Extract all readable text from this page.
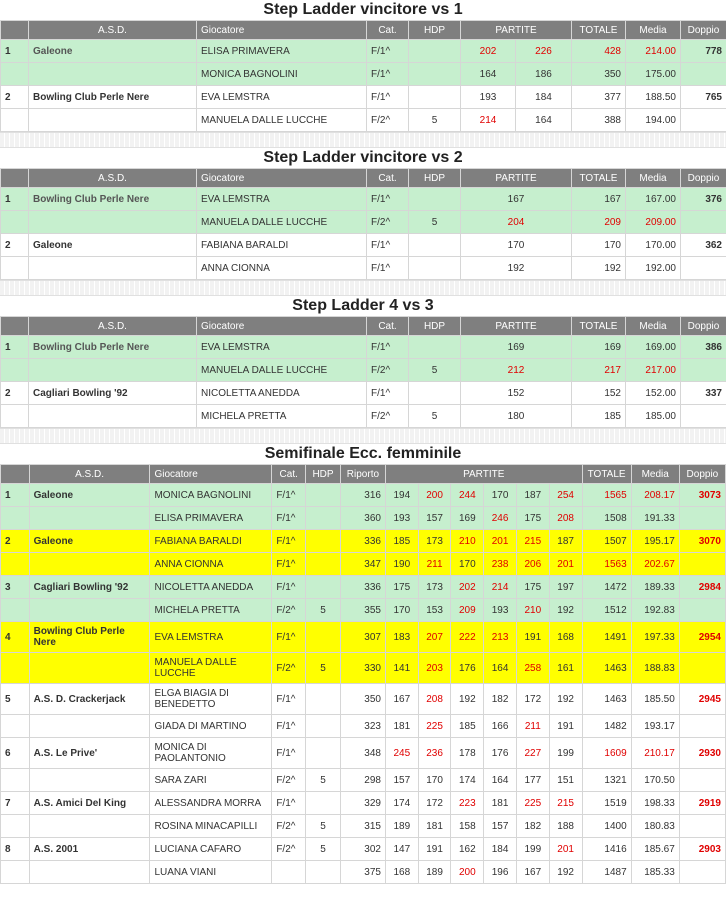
Step Ladder vincitore vs 1
	A.S.D.	Giocatore	Cat.	HDP	PARTITE		TOTALE	Media	Doppio
1	Galeone	ELISA PRIMAVERA	F/1^		202	226	428	214.00	778
		MONICA BAGNOLINI	F/1^		164	186	350	175.00	
2	Bowling Club Perle Nere	EVA LEMSTRA	F/1^		193	184	377	188.50	765
		MANUELA DALLE LUCCHE	F/2^	5	214	164	388	194.00	
Step Ladder vincitore vs 2
	A.S.D.	Giocatore	Cat.	HDP	PARTITE	TOTALE	Media	Doppio
1	Bowling Club Perle Nere	EVA LEMSTRA	F/1^		167	167	167.00	376
		MANUELA DALLE LUCCHE	F/2^	5	204	209	209.00	
2	Galeone	FABIANA BARALDI	F/1^		170	170	170.00	362
		ANNA CIONNA	F/1^		192	192	192.00	
Step Ladder 4 vs 3
	A.S.D.	Giocatore	Cat.	HDP	PARTITE	TOTALE	Media	Doppio
1	Bowling Club Perle Nere	EVA LEMSTRA	F/1^		169	169	169.00	386
		MANUELA DALLE LUCCHE	F/2^	5	212	217	217.00	
2	Cagliari Bowling '92	NICOLETTA ANEDDA	F/1^		152	152	152.00	337
		MICHELA PRETTA	F/2^	5	180	185	185.00	
Semifinale Ecc. femminile
	A.S.D.	Giocatore	Cat.	HDP	Riporto	PARTITE						TOTALE	Media	Doppio
1	Galeone	MONICA BAGNOLINI	F/1^		316	194	200	244	170	187	254	1565	208.17	3073
		ELISA PRIMAVERA	F/1^		360	193	157	169	246	175	208	1508	191.33	
2	Galeone	FABIANA BARALDI	F/1^		336	185	173	210	201	215	187	1507	195.17	3070
		ANNA CIONNA	F/1^		347	190	211	170	238	206	201	1563	202.67	
3	Cagliari Bowling '92	NICOLETTA ANEDDA	F/1^		336	175	173	202	214	175	197	1472	189.33	2984
		MICHELA PRETTA	F/2^	5	355	170	153	209	193	210	192	1512	192.83	
4	Bowling Club Perle Nere	EVA LEMSTRA	F/1^		307	183	207	222	213	191	168	1491	197.33	2954
		MANUELA DALLE LUCCHE	F/2^	5	330	141	203	176	164	258	161	1463	188.83	
5	A.S. D. Crackerjack	ELGA BIAGIA DI BENEDETTO	F/1^		350	167	208	192	182	172	192	1463	185.50	2945
		GIADA DI MARTINO	F/1^		323	181	225	185	166	211	191	1482	193.17	
6	A.S. Le Prive'	MONICA DI PAOLANTONIO	F/1^		348	245	236	178	176	227	199	1609	210.17	2930
		SARA ZARI	F/2^	5	298	157	170	174	164	177	151	1321	170.50	
7	A.S. Amici Del King	ALESSANDRA MORRA	F/1^		329	174	172	223	181	225	215	1519	198.33	2919
		ROSINA MINACAPILLI	F/2^	5	315	189	181	158	157	182	188	1400	180.83	
8	A.S. 2001	LUCIANA CAFARO	F/2^	5	302	147	191	162	184	199	201	1416	185.67	2903
		LUANA VIANI			375	168	189	200	196	167	192	1487	185.33	
